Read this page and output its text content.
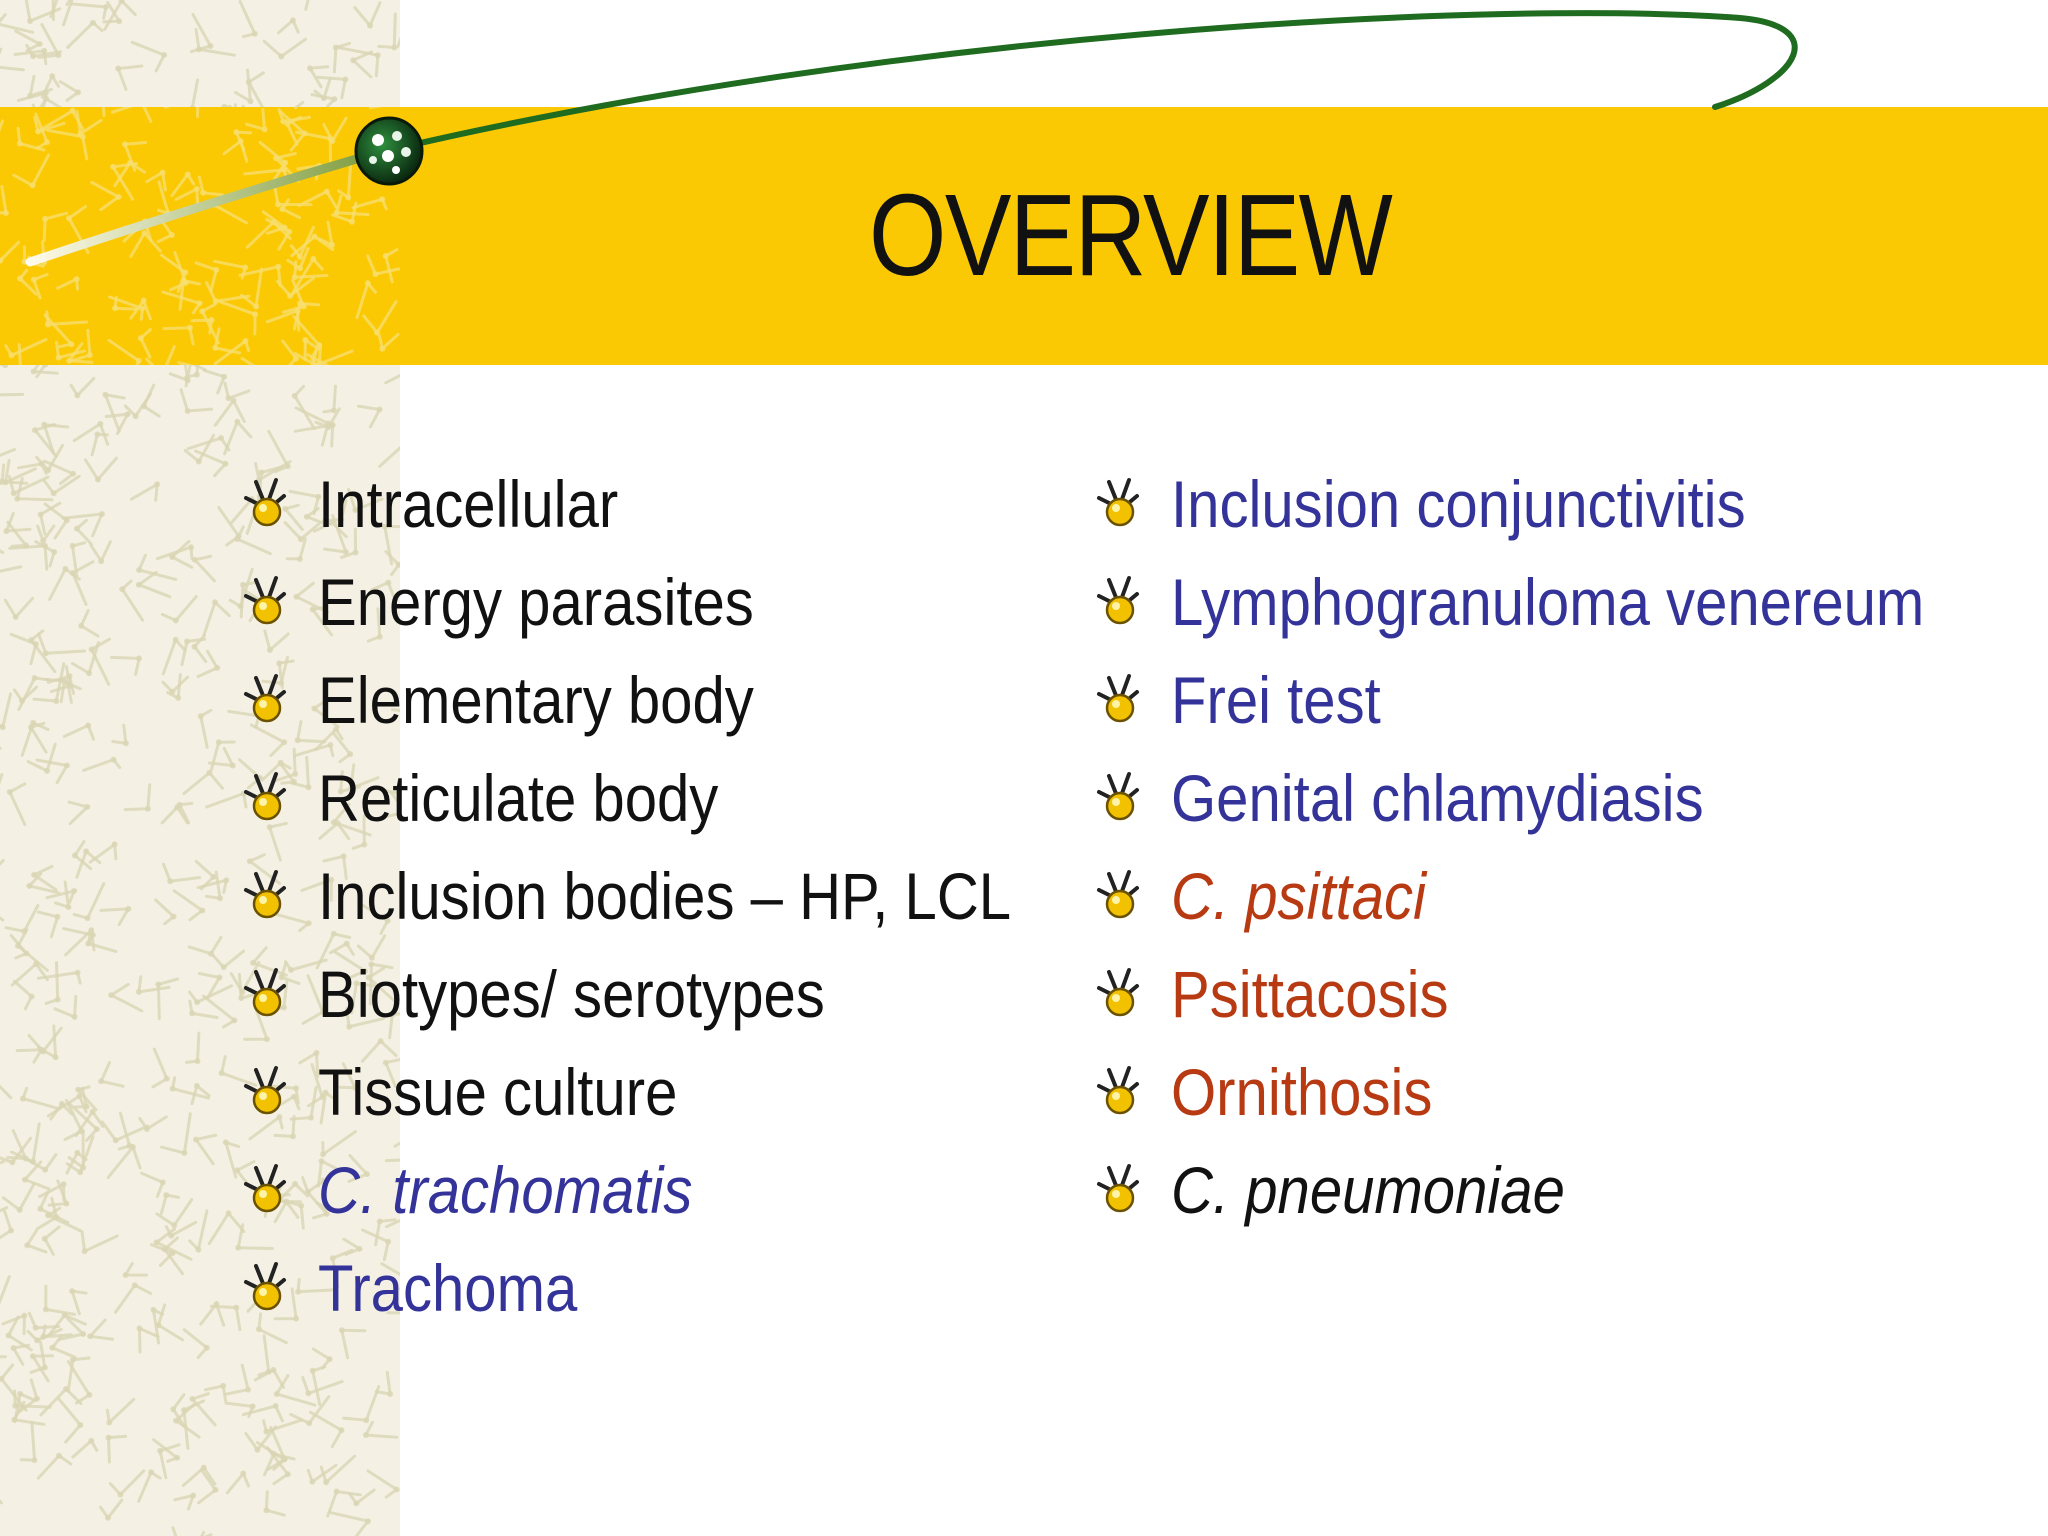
OVERVIEW
Intracellular
Energy parasites
Elementary body
Reticulate body
Inclusion bodies – HP, LCL
Biotypes/ serotypes
Tissue culture
C. trachomatis
Trachoma
Inclusion conjunctivitis
Lymphogranuloma venereum
Frei test
Genital chlamydiasis
C. psittaci
Psittacosis
Ornithosis
C. pneumoniae
